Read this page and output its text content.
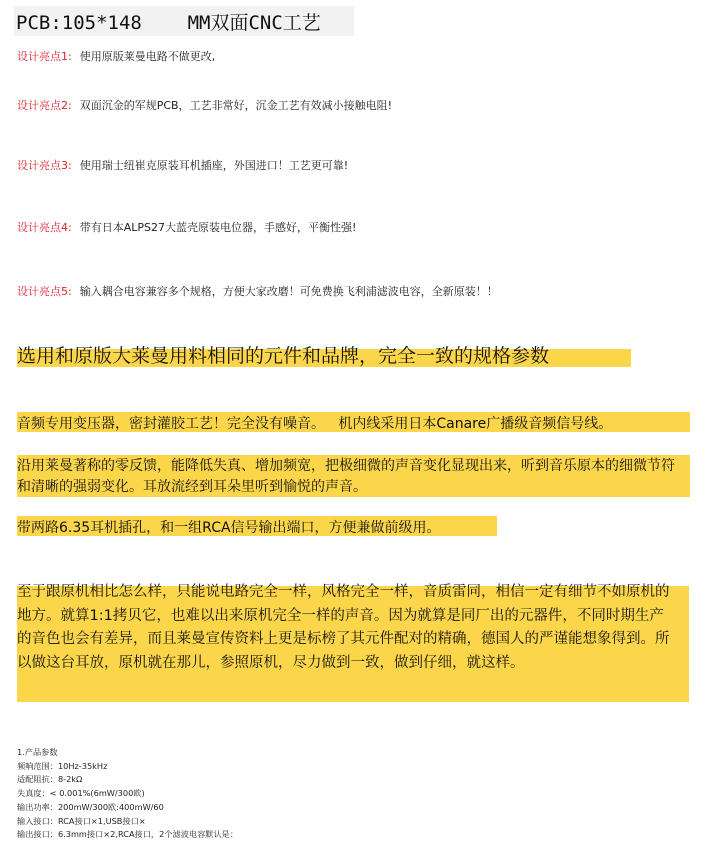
PCB:105*148    MM双面CNC工艺
设计亮点1: 使用原版莱曼电路不做更改,
设计亮点2: 双面沉金的军规PCB，工艺非常好，沉金工艺有效减小接触电阻!
设计亮点3: 使用瑞士纽崔克原装耳机插座，外国进口！工艺更可靠!
设计亮点4: 带有日本ALPS27大蓝壳原装电位器，手感好，平衡性强!
设计亮点5: 输入耦合电容兼容多个规格，方便大家改磨！可免费换飞利浦滤波电容，全新原装！！
选用和原版大莱曼用料相同的元件和品牌，完全一致的规格参数
音频专用变压器，密封灌胶工艺！完全没有噪音。   机内线采用日本Canare广播级音频信号线。
沿用莱曼著称的零反馈，能降低失真、增加频宽，把极细微的声音变化显现出来，听到音乐原本的细微节符和清晰的强弱变化。耳放流经到耳朵里听到愉悦的声音。
带两路6.35耳机插孔，和一组RCA信号输出端口，方便兼做前级用。
至于跟原机相比怎么样，只能说电路完全一样，风格完全一样，音质雷同，相信一定有细节不如原机的地方。就算1:1拷贝它，也难以出来原机完全一样的声音。因为就算是同厂出的元器件，不同时期生产的音色也会有差异，而且莱曼宣传资料上更是标榜了其元件配对的精确，德国人的严谨能想象得到。所以做这台耳放，原机就在那儿，参照原机，尽力做到一致，做到仔细，就这样。
1.产品参数
频响范围：10Hz-35kHz
适配阻抗：8-2kΩ
失真度：< 0.001%(6mW/300欧)
输出功率：200mW/300欧:400mW/60
输入接口：RCA接口×1,USB接口×
输出接口：6.3mm接口×2,RCA接口，2个滤波电容默认是：
